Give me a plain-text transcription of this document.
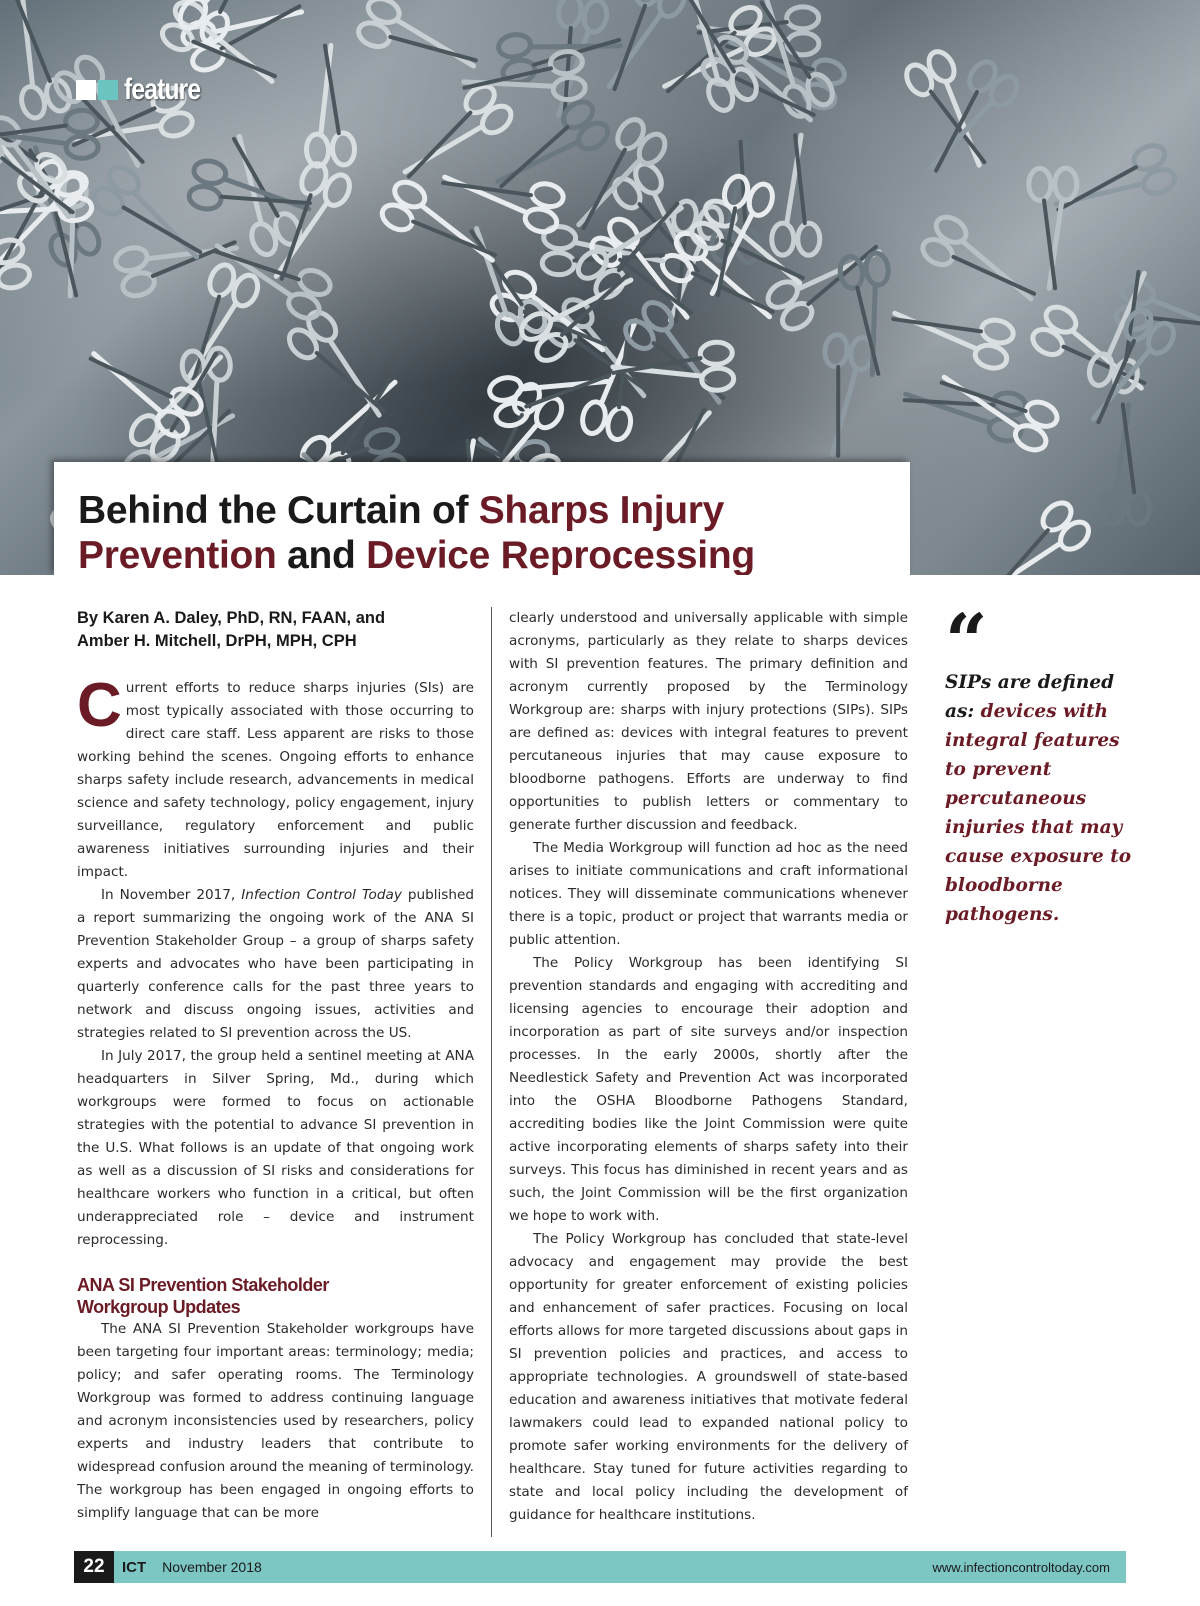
feature
Behind the Curtain of Sharps Injury
Prevention and Device Reprocessing
By Karen A. Daley, PhD, RN, FAAN, and
Amber H. Mitchell, DrPH, MPH, CPH

Current efforts to reduce sharps injuries (SIs) are most typically associated with those occurring to direct care staff. Less apparent are risks to those working behind the scenes. Ongoing efforts to enhance sharps safety include research, advancements in medical science and safety technology, policy engagement, injury surveillance, regulatory enforcement and public awareness initiatives surrounding injuries and their impact.

In November 2017, Infection Control Today published a report summarizing the ongoing work of the ANA SI Prevention Stakeholder Group – a group of sharps safety experts and advocates who have been participating in quarterly conference calls for the past three years to network and discuss ongoing issues, activities and strategies related to SI prevention across the US.

In July 2017, the group held a sentinel meeting at ANA headquarters in Silver Spring, Md., during which workgroups were formed to focus on actionable strategies with the potential to advance SI prevention in the U.S. What follows is an update of that ongoing work as well as a discussion of SI risks and considerations for healthcare workers who function in a critical, but often underappreciated role – device and instrument reprocessing.

ANA SI Prevention Stakeholder
Workgroup Updates

The ANA SI Prevention Stakeholder workgroups have been targeting four important areas: terminology; media; policy; and safer operating rooms. The Terminology Workgroup was formed to address continuing language and acronym inconsistencies used by researchers, policy experts and industry leaders that contribute to widespread confusion around the meaning of terminology. The workgroup has been engaged in ongoing efforts to simplify language that can be more

clearly understood and universally applicable with simple acronyms, particularly as they relate to sharps devices with SI prevention features. The primary definition and acronym currently proposed by the Terminology Workgroup are: sharps with injury protections (SIPs). SIPs are defined as: devices with integral features to prevent percutaneous injuries that may cause exposure to bloodborne pathogens. Efforts are underway to find opportunities to publish letters or commentary to generate further discussion and feedback.

The Media Workgroup will function ad hoc as the need arises to initiate communications and craft informational notices. They will disseminate communications whenever there is a topic, product or project that warrants media or public attention.

The Policy Workgroup has been identifying SI prevention standards and engaging with accrediting and licensing agencies to encourage their adoption and incorporation as part of site surveys and/or inspection processes. In the early 2000s, shortly after the Needlestick Safety and Prevention Act was incorporated into the OSHA Bloodborne Pathogens Standard, accrediting bodies like the Joint Commission were quite active incorporating elements of sharps safety into their surveys. This focus has diminished in recent years and as such, the Joint Commission will be the first organization we hope to work with.

The Policy Workgroup has concluded that state-level advocacy and engagement may provide the best opportunity for greater enforcement of existing policies and enhancement of safer practices. Focusing on local efforts allows for more targeted discussions about gaps in SI prevention policies and practices, and access to appropriate technologies. A groundswell of state-based education and awareness initiatives that motivate federal lawmakers could lead to expanded national policy to promote safer working environments for the delivery of healthcare. Stay tuned for future activities regarding to state and local policy including the development of guidance for healthcare institutions.

“
SIPs are defined as: devices with integral features to prevent percutaneous injuries that may cause exposure to bloodborne pathogens.
22	ICT November 2018	www.infectioncontroltoday.com
